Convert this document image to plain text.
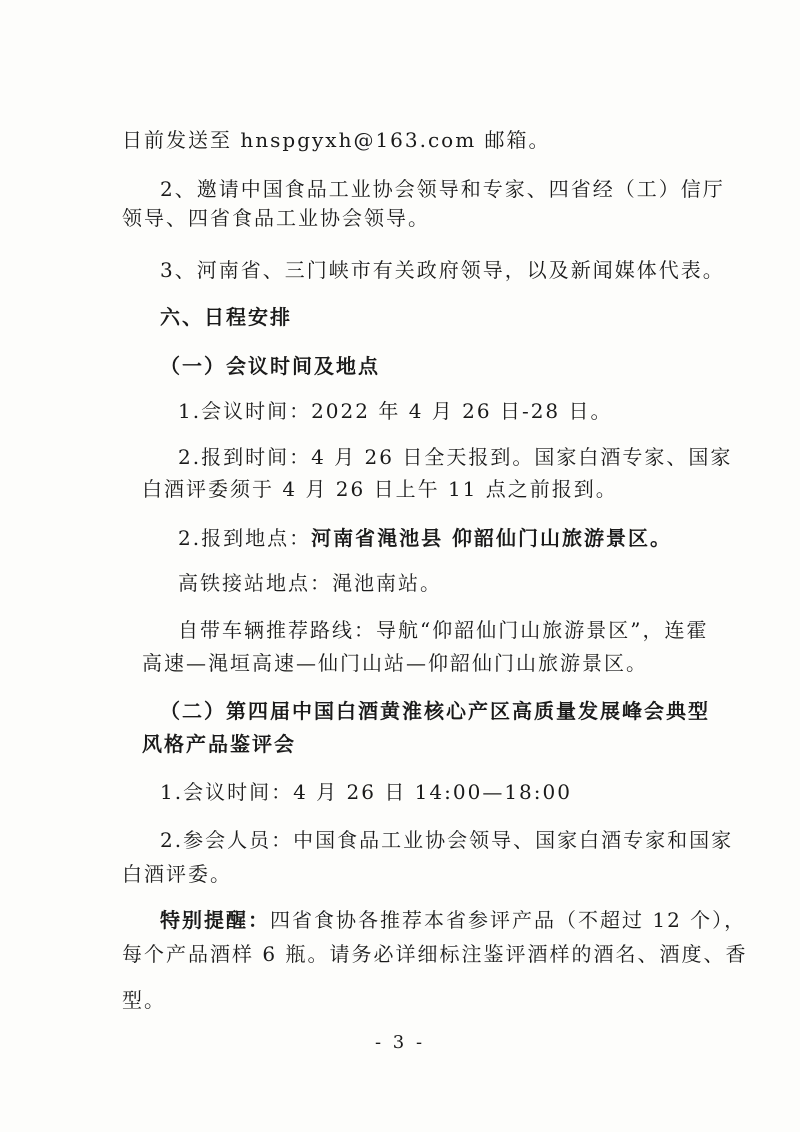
日前发送至 hnspgyxh@163.com 邮箱。
2、邀请中国食品工业协会领导和专家、四省经（工）信厅
领导、四省食品工业协会领导。
3、河南省、三门峡市有关政府领导，以及新闻媒体代表。
六、日程安排
（一）会议时间及地点
1.会议时间：2022 年 4 月 26 日-28 日。
2.报到时间：4 月 26 日全天报到。国家白酒专家、国家
白酒评委须于 4 月 26 日上午 11 点之前报到。
2.报到地点：河南省渑池县 仰韶仙门山旅游景区。
高铁接站地点：渑池南站。
自带车辆推荐路线：导航“仰韶仙门山旅游景区”，连霍
高速—渑垣高速—仙门山站—仰韶仙门山旅游景区。
（二）第四届中国白酒黄淮核心产区高质量发展峰会典型
风格产品鉴评会
1.会议时间：4 月 26 日 14:00—18:00
2.参会人员：中国食品工业协会领导、国家白酒专家和国家
白酒评委。
特别提醒：四省食协各推荐本省参评产品（不超过 12 个），
每个产品酒样 6 瓶。请务必详细标注鉴评酒样的酒名、酒度、香
型。
- 3 -
